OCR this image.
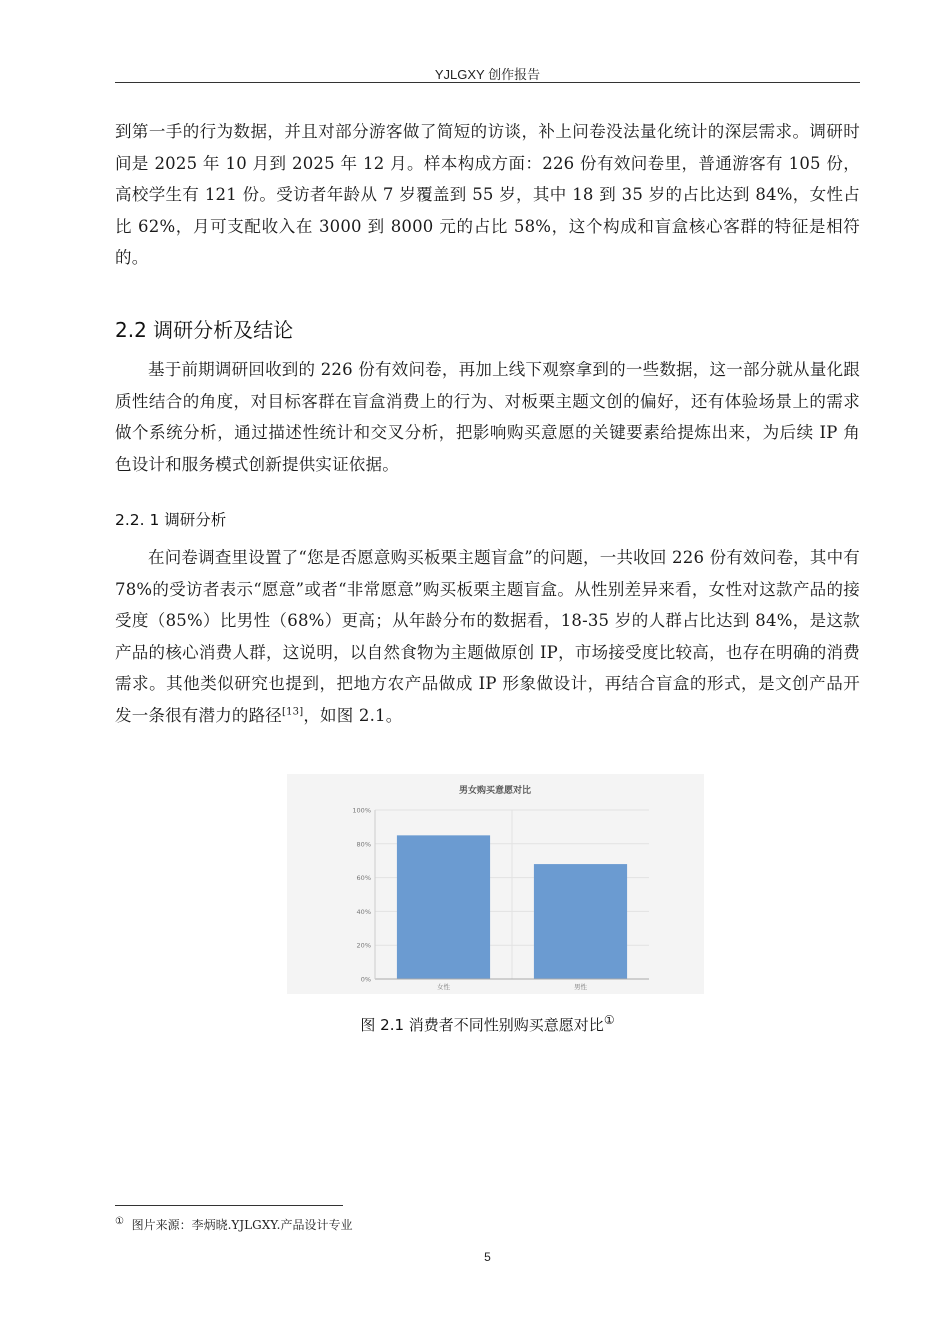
YJLGXY 创作报告
到第一手的行为数据，并且对部分游客做了简短的访谈，补上问卷没法量化统计的深层需求。调研时间是 2025 年 10 月到 2025 年 12 月。样本构成方面：226 份有效问卷里，普通游客有 105 份，高校学生有 121 份。受访者年龄从 7 岁覆盖到 55 岁，其中 18 到 35 岁的占比达到 84%，女性占比 62%，月可支配收入在 3000 到 8000 元的占比 58%，这个构成和盲盒核心客群的特征是相符的。
2.2 调研分析及结论
基于前期调研回收到的 226 份有效问卷，再加上线下观察拿到的一些数据，这一部分就从量化跟质性结合的角度，对目标客群在盲盒消费上的行为、对板栗主题文创的偏好，还有体验场景上的需求做个系统分析，通过描述性统计和交叉分析，把影响购买意愿的关键要素给提炼出来，为后续 IP 角色设计和服务模式创新提供实证依据。
2.2. 1 调研分析
在问卷调查里设置了“您是否愿意购买板栗主题盲盒”的问题，一共收回 226 份有效问卷，其中有 78%的受访者表示“愿意”或者“非常愿意”购买板栗主题盲盒。从性别差异来看，女性对这款产品的接受度（85%）比男性（68%）更高；从年龄分布的数据看，18-35 岁的人群占比达到 84%，是这款产品的核心消费人群，这说明，以自然食物为主题做原创 IP，市场接受度比较高，也存在明确的消费需求。其他类似研究也提到，把地方农产品做成 IP 形象做设计，再结合盲盒的形式，是文创产品开发一条很有潜力的路径[13]，如图 2.1。
男女购买意愿对比
0%
20%
40%
60%
80%
100%
女性	男性
图 2.1 消费者不同性别购买意愿对比①
① 图片来源：李炳晓.YJLGXY.产品设计专业
5
